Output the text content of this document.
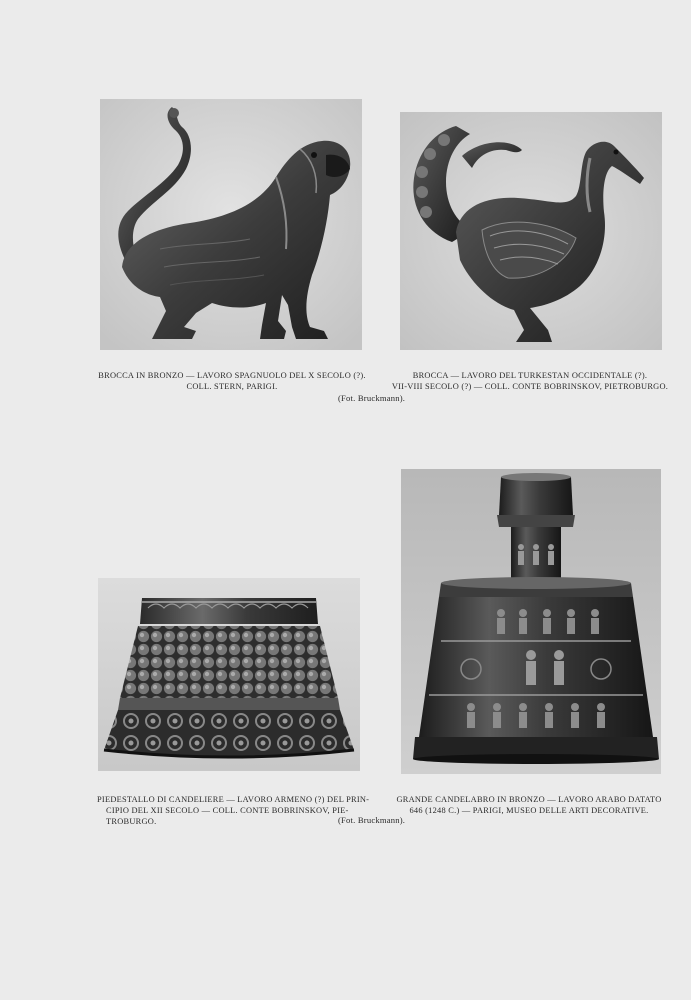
BROCCA IN BRONZO — LAVORO SPAGNUOLO DEL X SECOLO (?).
COLL. STERN, PARIGI.
BROCCA — LAVORO DEL TURKESTAN OCCIDENTALE (?).
VII-VIII SECOLO (?) — COLL. CONTE BOBRINSKOV, PIETROBURGO.
(Fot. Bruckmann).
PIEDESTALLO DI CANDELIERE — LAVORO ARMENO (?) DEL PRIN-
CIPIO DEL XII SECOLO — COLL. CONTE BOBRINSKOV, PIE-
TROBURGO.
GRANDE CANDELABRO IN BRONZO — LAVORO ARABO DATATO
646 (1248 C.) — PARIGI, MUSEO DELLE ARTI DECORATIVE.
(Fot. Bruckmann).
